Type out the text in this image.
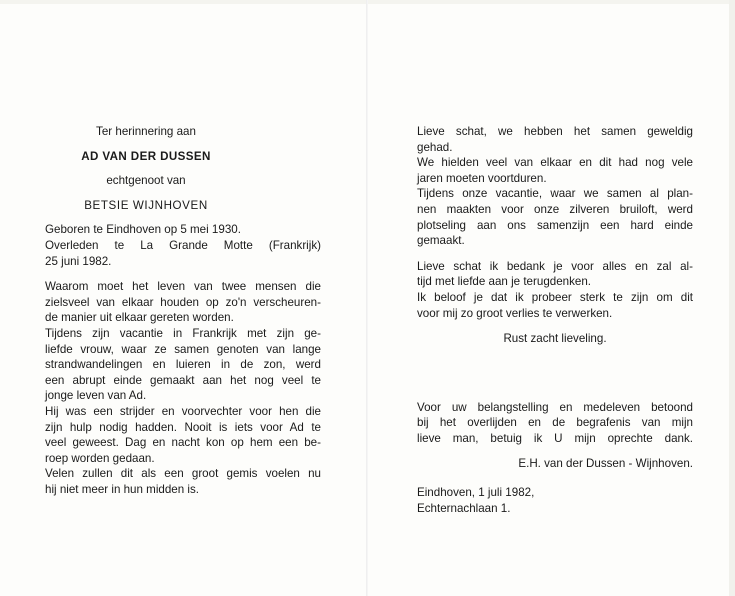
Ter herinnering aan
AD VAN DER DUSSEN
echtgenoot van
BETSIE WIJNHOVEN
Geboren te Eindhoven op 5 mei 1930.
Overleden te La Grande Motte (Frankrijk)
25 juni 1982.
Waarom moet het leven van twee mensen die
zielsveel van elkaar houden op zo'n verscheuren-
de manier uit elkaar gereten worden.
Tijdens zijn vacantie in Frankrijk met zijn ge-
liefde vrouw, waar ze samen genoten van lange
strandwandelingen en luieren in de zon, werd
een abrupt einde gemaakt aan het nog veel te
jonge leven van Ad.
Hij was een strijder en voorvechter voor hen die
zijn hulp nodig hadden. Nooit is iets voor Ad te
veel geweest. Dag en nacht kon op hem een be-
roep worden gedaan.
Velen zullen dit als een groot gemis voelen nu
hij niet meer in hun midden is.
Lieve schat, we hebben het samen geweldig
gehad.
We hielden veel van elkaar en dit had nog vele
jaren moeten voortduren.
Tijdens onze vacantie, waar we samen al plan-
nen maakten voor onze zilveren bruiloft, werd
plotseling aan ons samenzijn een hard einde
gemaakt.
Lieve schat ik bedank je voor alles en zal al-
tijd met liefde aan je terugdenken.
Ik beloof je dat ik probeer sterk te zijn om dit
voor mij zo groot verlies te verwerken.
Rust zacht lieveling.
Voor uw belangstelling en medeleven betoond
bij het overlijden en de begrafenis van mijn
lieve man, betuig ik U mijn oprechte dank.
E.H. van der Dussen - Wijnhoven.
Eindhoven, 1 juli 1982,
Echternachlaan 1.
